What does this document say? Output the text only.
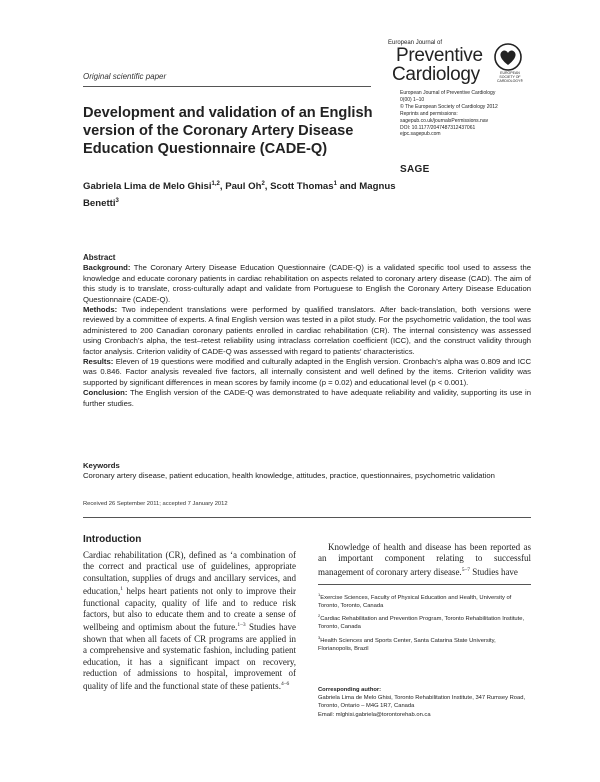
Original scientific paper
European Journal of
Preventive
Cardiology	EUROPEAN
SOCIETY OF
CARDIOLOGY®
Development and validation of an English version of the Coronary Artery Disease Education Questionnaire (CADE-Q)
Gabriela Lima de Melo Ghisi$^{1,2}$, Paul Oh$^2$, Scott Thomas$^1$ and Magnus Benetti$^3$
European Journal of Preventive Cardiology
0(00) 1–10
© The European Society of Cardiology 2012
Reprints and permissions:
sagepub.co.uk/journalsPermissions.nav
DOI: 10.1177/2047487312437061
ejpc.sagepub.com
SAGE
Abstract
Background: The Coronary Artery Disease Education Questionnaire (CADE-Q) is a validated specific tool used to assess the knowledge and educate coronary patients in cardiac rehabilitation on aspects related to coronary artery disease (CAD). The aim of this study is to translate, cross-culturally adapt and validate from Portuguese to English the Coronary Artery Disease Education Questionnaire (CADE-Q).
Methods: Two independent translations were performed by qualified translators. After back-translation, both versions were reviewed by a committee of experts. A final English version was tested in a pilot study. For the psychometric validation, the tool was administered to 200 Canadian coronary patients enrolled in cardiac rehabilitation (CR). The internal consistency was assessed using Cronbach’s alpha, the test–retest reliability using intraclass correlation coefficient (ICC), and the construct validity through factor analysis. Criterion validity of CADE-Q was assessed with regard to patients’ characteristics.
Results: Eleven of 19 questions were modified and culturally adapted in the English version. Cronbach’s alpha was 0.809 and ICC was 0.846. Factor analysis revealed five factors, all internally consistent and well defined by the items. Criterion validity was supported by significant differences in mean scores by family income (p = 0.02) and educational level (p < 0.001).
Conclusion: The English version of the CADE-Q was demonstrated to have adequate reliability and validity, supporting its use in further studies.
Keywords
Coronary artery disease, patient education, health knowledge, attitudes, practice, questionnaires, psychometric validation
Received 26 September 2011; accepted 7 January 2012
Introduction
Cardiac rehabilitation (CR), defined as ‘a combination of the correct and practical use of guidelines, appropriate consultation, supplies of drugs and ancillary services, and education,$^1$ helps heart patients not only to improve their functional capacity, quality of life and to reduce risk factors, but also to educate them and to create a sense of wellbeing and optimism about the future.$^{1-3}$ Studies have shown that when all facets of CR programs are applied in a comprehensive and systematic fashion, including patient education, it has a significant impact on recovery, reduction of admissions to hospital, improvement of quality of life and the functional state of these patients.$^{4-6}$
Knowledge of health and disease has been reported as an important component relating to successful management of coronary artery disease.$^{5-7}$ Studies have
$^1$Exercise Sciences, Faculty of Physical Education and Health, University of Toronto, Toronto, Canada
$^2$Cardiac Rehabilitation and Prevention Program, Toronto Rehabilitation Institute, Toronto, Canada
$^3$Health Sciences and Sports Center, Santa Catarina State University, Florianopolis, Brazil
Corresponding author:
Gabriela Lima de Melo Ghisi, Toronto Rehabilitation Institute, 347 Rumsey Road, Toronto, Ontario – M4G 1R7, Canada
Email: mlghisi.gabriela@torontorehab.on.ca
